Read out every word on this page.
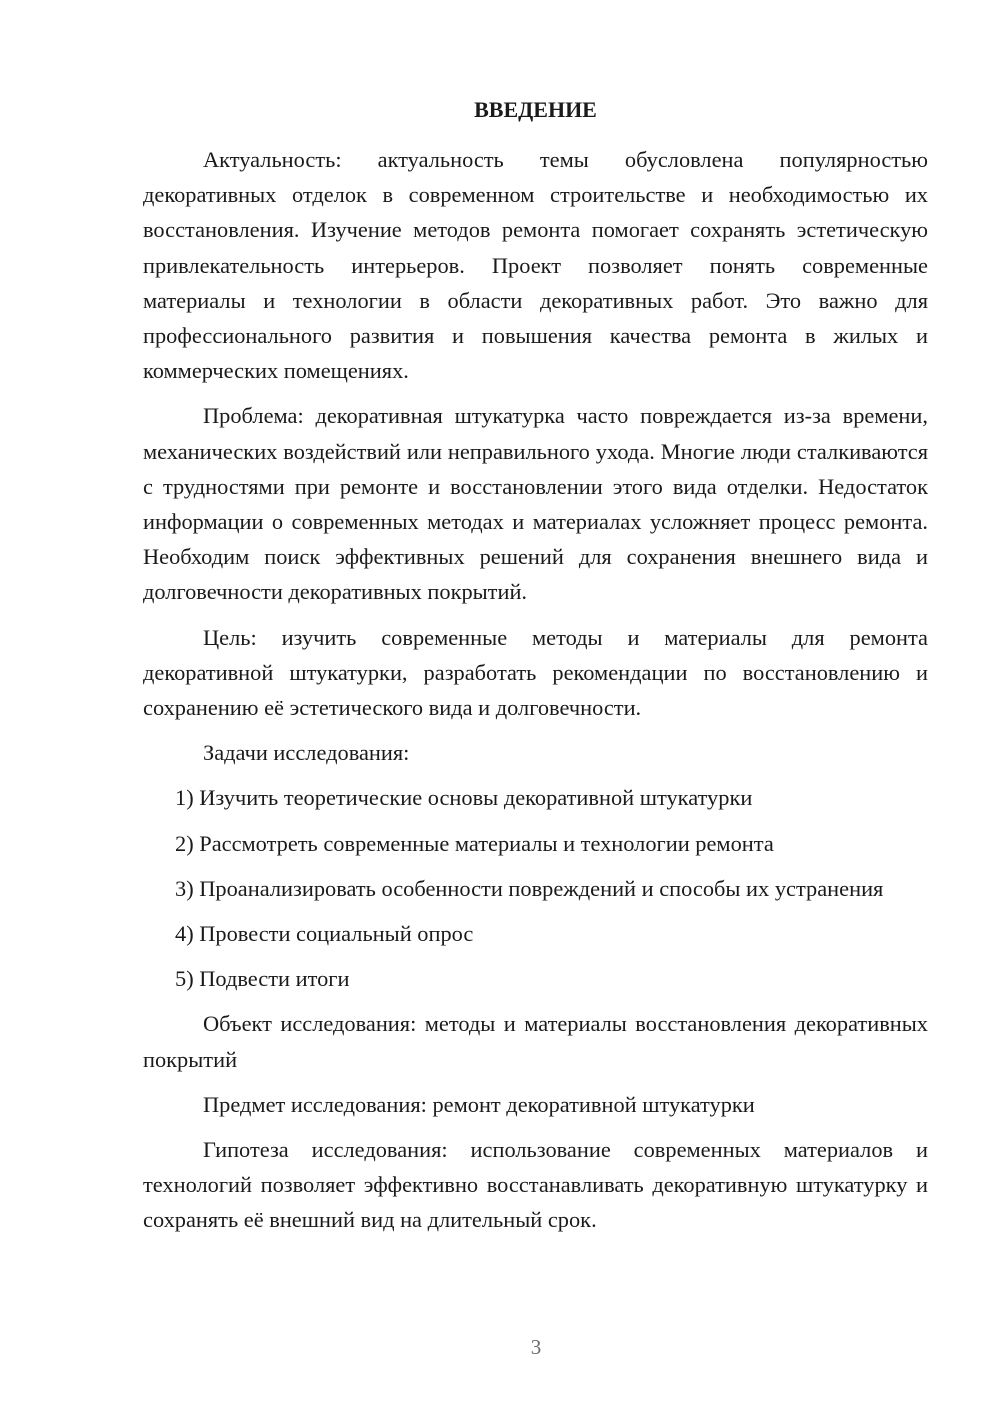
ВВЕДЕНИЕ

Актуальность: актуальность темы обусловлена популярностью декоративных отделок в современном строительстве и необходимостью их восстановления. Изучение методов ремонта помогает сохранять эстетическую привлекательность интерьеров. Проект позволяет понять современные материалы и технологии в области декоративных работ. Это важно для профессионального развития и повышения качества ремонта в жилых и коммерческих помещениях.

Проблема: декоративная штукатурка часто повреждается из-за времени, механических воздействий или неправильного ухода. Многие люди сталкиваются с трудностями при ремонте и восстановлении этого вида отделки. Недостаток информации о современных методах и материалах усложняет процесс ремонта. Необходим поиск эффективных решений для сохранения внешнего вида и долговечности декоративных покрытий.

Цель: изучить современные методы и материалы для ремонта декоративной штукатурки, разработать рекомендации по восстановлению и сохранению её эстетического вида и долговечности.

Задачи исследования:

1) Изучить теоретические основы декоративной штукатурки

2) Рассмотреть современные материалы и технологии ремонта

3) Проанализировать особенности повреждений и способы их устранения

4) Провести социальный опрос

5) Подвести итоги

Объект исследования: методы и материалы восстановления декоративных покрытий

Предмет исследования: ремонт декоративной штукатурки

Гипотеза исследования: использование современных материалов и технологий позволяет эффективно восстанавливать декоративную штукатурку и сохранять её внешний вид на длительный срок.

3
